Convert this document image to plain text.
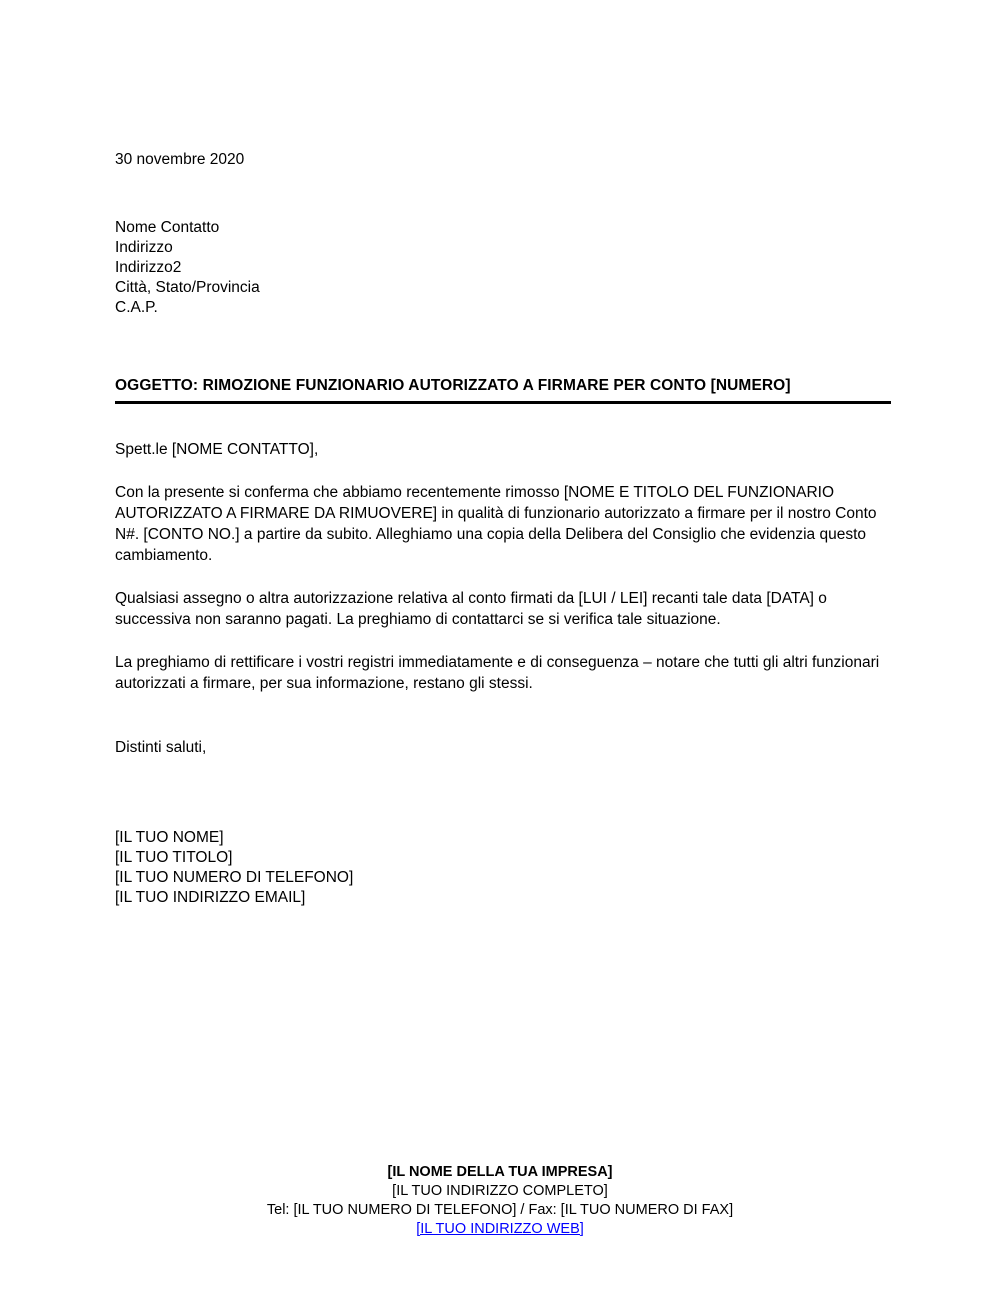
30 novembre 2020
Nome Contatto
Indirizzo
Indirizzo2
Città, Stato/Provincia
C.A.P.
OGGETTO: RIMOZIONE FUNZIONARIO AUTORIZZATO A FIRMARE PER CONTO [NUMERO]
Spett.le [NOME CONTATTO],

Con la presente si conferma che abbiamo recentemente rimosso [NOME E TITOLO DEL FUNZIONARIO AUTORIZZATO A FIRMARE DA RIMUOVERE] in qualità di funzionario autorizzato a firmare per il nostro Conto N#. [CONTO NO.] a partire da subito. Alleghiamo una copia della Delibera del Consiglio che evidenzia questo cambiamento.

Qualsiasi assegno o altra autorizzazione relativa al conto firmati da [LUI / LEI] recanti tale data [DATA] o successiva non saranno pagati. La preghiamo di contattarci se si verifica tale situazione.

La preghiamo di rettificare i vostri registri immediatamente e di conseguenza – notare che tutti gli altri funzionari autorizzati a firmare, per sua informazione, restano gli stessi.

Distinti saluti,
[IL TUO NOME]
[IL TUO TITOLO]
[IL TUO NUMERO DI TELEFONO]
[IL TUO INDIRIZZO EMAIL]
[IL NOME DELLA TUA IMPRESA]
[IL TUO INDIRIZZO COMPLETO]
Tel: [IL TUO NUMERO DI TELEFONO] / Fax: [IL TUO NUMERO DI FAX]
[IL TUO INDIRIZZO WEB]
